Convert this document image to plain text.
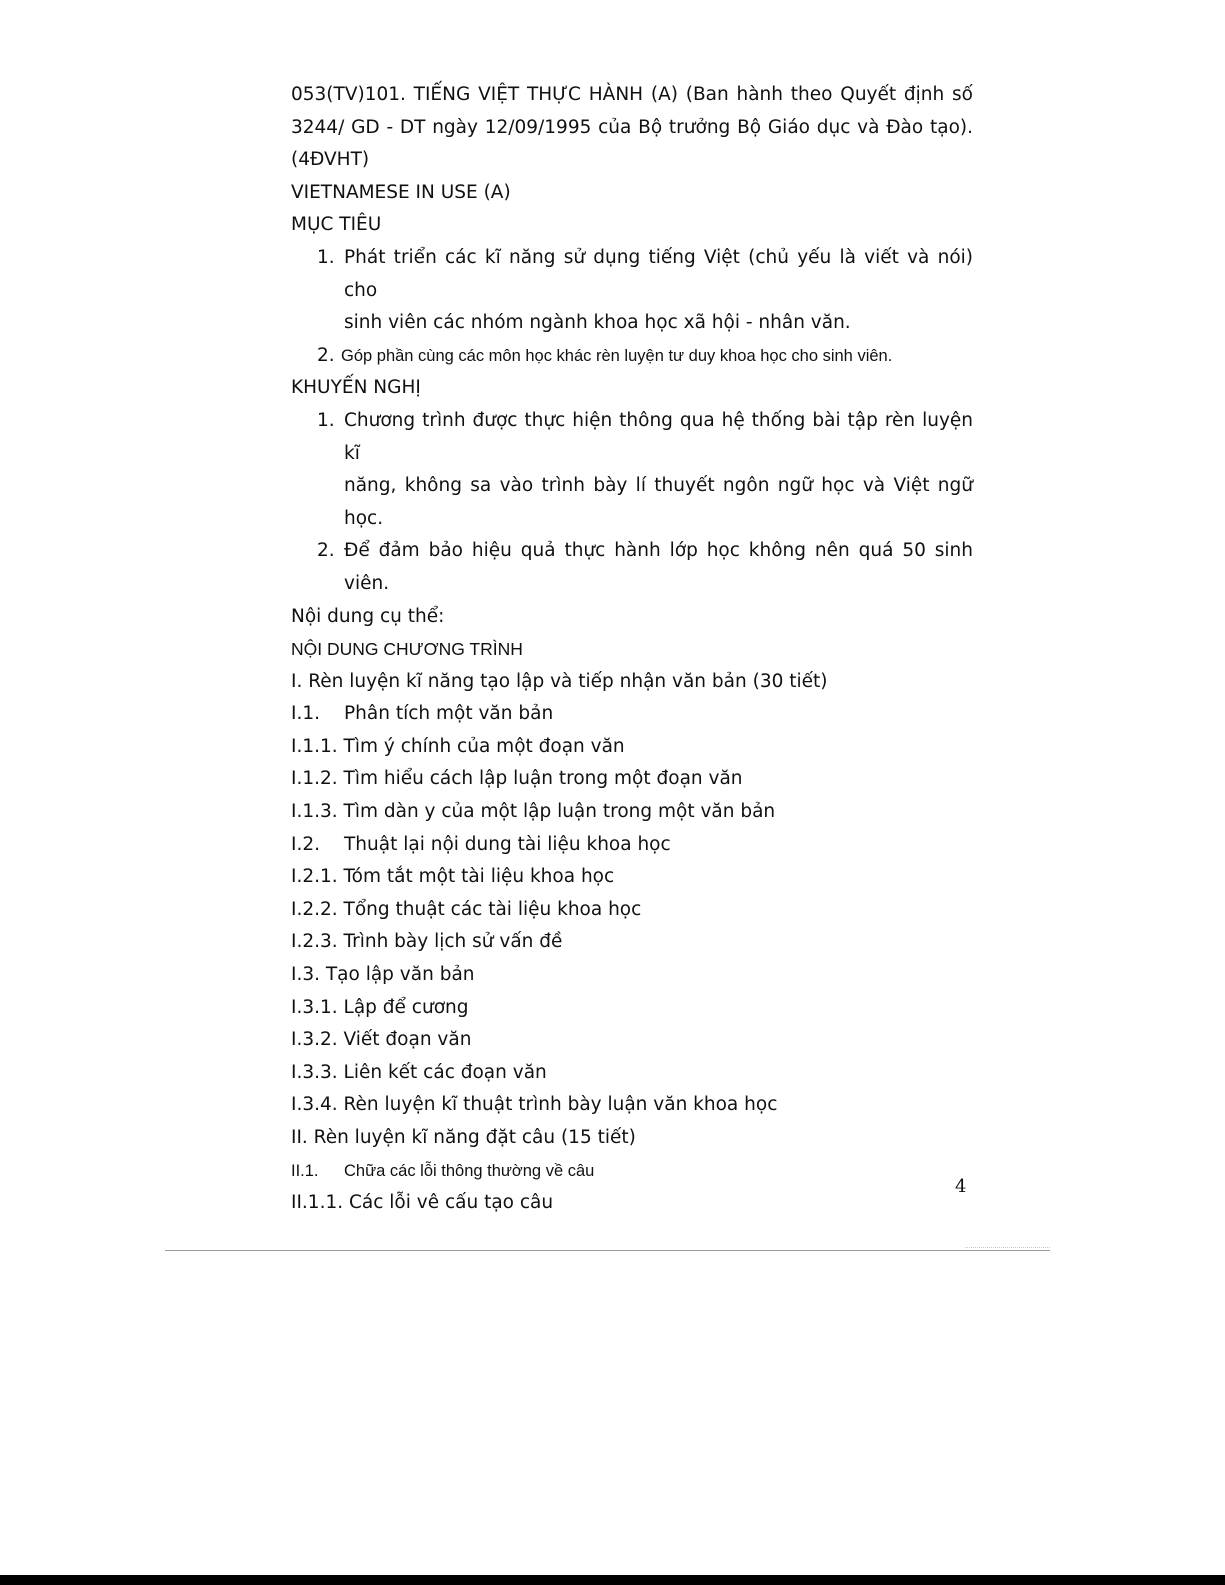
053(TV)101. TIẾNG VIỆT THỰC HÀNH (A) (Ban hành theo Quyết định số

3244/ GD - DT ngày 12/09/1995 của Bộ trưởng Bộ Giáo dục và Đào tạo).

(4ĐVHT)

VIETNAMESE IN USE (A)

MỤC TIÊU

1. Phát triển các kĩ năng sử dụng tiếng Việt (chủ yếu là viết và nói) cho
sinh viên các nhóm ngành khoa học xã hội - nhân văn.
2. Góp phần cùng các môn học khác rèn luyện tư duy khoa học cho sinh viên.

KHUYẾN NGHỊ

1. Chương trình được thực hiện thông qua hệ thống bài tập rèn luyện kĩ
năng, không sa vào trình bày lí thuyết ngôn ngữ học và Việt ngữ
học.
2. Để đảm bảo hiệu quả thực hành lớp học không nên quá 50 sinh
viên.

Nội dung cụ thể:

NỘI DUNG CHƯƠNG TRÌNH

I. Rèn luyện kĩ năng tạo lập và tiếp nhận văn bản (30 tiết)

I.1. Phân tích một văn bản

I.1.1. Tìm ý chính của một đoạn văn

I.1.2. Tìm hiểu cách lập luận trong một đoạn văn

I.1.3. Tìm dàn y của một lập luận trong một văn bản

I.2. Thuật lại nội dung tài liệu khoa học

I.2.1. Tóm tắt một tài liệu khoa học

I.2.2. Tổng thuật các tài liệu khoa học

I.2.3. Trình bày lịch sử vấn đề

I.3. Tạo lập văn bản

I.3.1. Lập để cương

I.3.2. Viết đoạn văn

I.3.3. Liên kết các đoạn văn

I.3.4. Rèn luyện kĩ thuật trình bày luận văn khoa học

II. Rèn luyện kĩ năng đặt câu (15 tiết)

II.1. Chữa các lỗi thông thường về câu

II.1.1. Các lỗi vê cấu tạo câu

4
